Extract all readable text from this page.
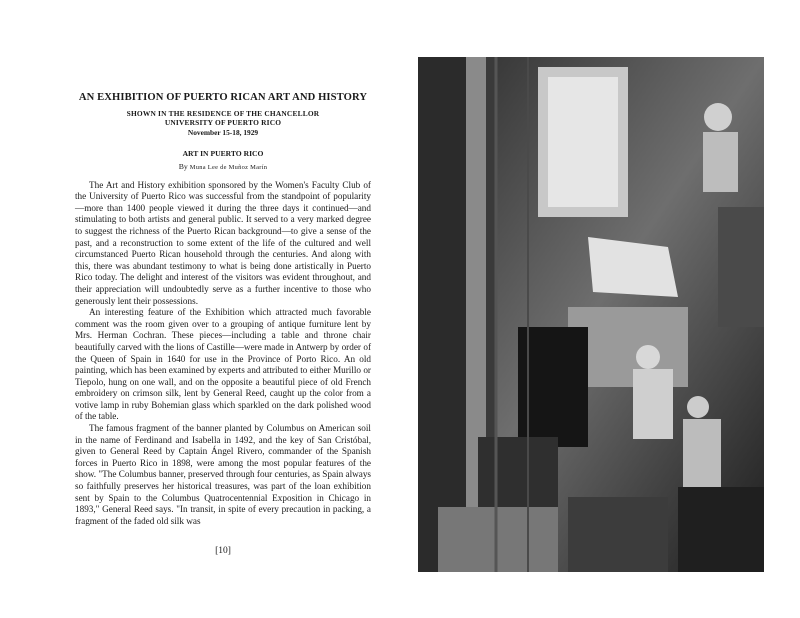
AN EXHIBITION OF PUERTO RICAN ART AND HISTORY
SHOWN IN THE RESIDENCE OF THE CHANCELLOR
UNIVERSITY OF PUERTO RICO
November 15-18, 1929
ART IN PUERTO RICO
By Muna Lee de Muñoz Marín

The Art and History exhibition sponsored by the Women's Faculty Club of the University of Puerto Rico was successful from the standpoint of popularity—more than 1400 people viewed it during the three days it continued—and stimulating to both artists and general public. It served to a very marked degree to suggest the richness of the Puerto Rican background—to give a sense of the past, and a reconstruction to some extent of the life of the cultured and well circumstanced Puerto Rican household through the centuries. And along with this, there was abundant testimony to what is being done artistically in Puerto Rico today. The delight and interest of the visitors was evident throughout, and their appreciation will undoubtedly serve as a further incentive to those who generously lent their possessions.

An interesting feature of the Exhibition which attracted much favorable comment was the room given over to a grouping of antique furniture lent by Mrs. Herman Cochran. These pieces—including a table and throne chair beautifully carved with the lions of Castille—were made in Antwerp by order of the Queen of Spain in 1640 for use in the Province of Porto Rico. An old painting, which has been examined by experts and attributed to either Murillo or Tiepolo, hung on one wall, and on the opposite a beautiful piece of old French embroidery on crimson silk, lent by General Reed, caught up the color from a votive lamp in ruby Bohemian glass which sparkled on the dark polished wood of the table.

The famous fragment of the banner planted by Columbus on American soil in the name of Ferdinand and Isabella in 1492, and the key of San Cristóbal, given to General Reed by Captain Ángel Rivero, commander of the Spanish forces in Puerto Rico in 1898, were among the most popular features of the show. "The Columbus banner, preserved through four centuries, as Spain always so faithfully preserves her historical treasures, was part of the loan exhibition sent by Spain to the Columbus Quatrocentennial Exposition in Chicago in 1893," General Reed says. "In transit, in spite of every precaution in packing, a fragment of the faded old silk was

[10]
